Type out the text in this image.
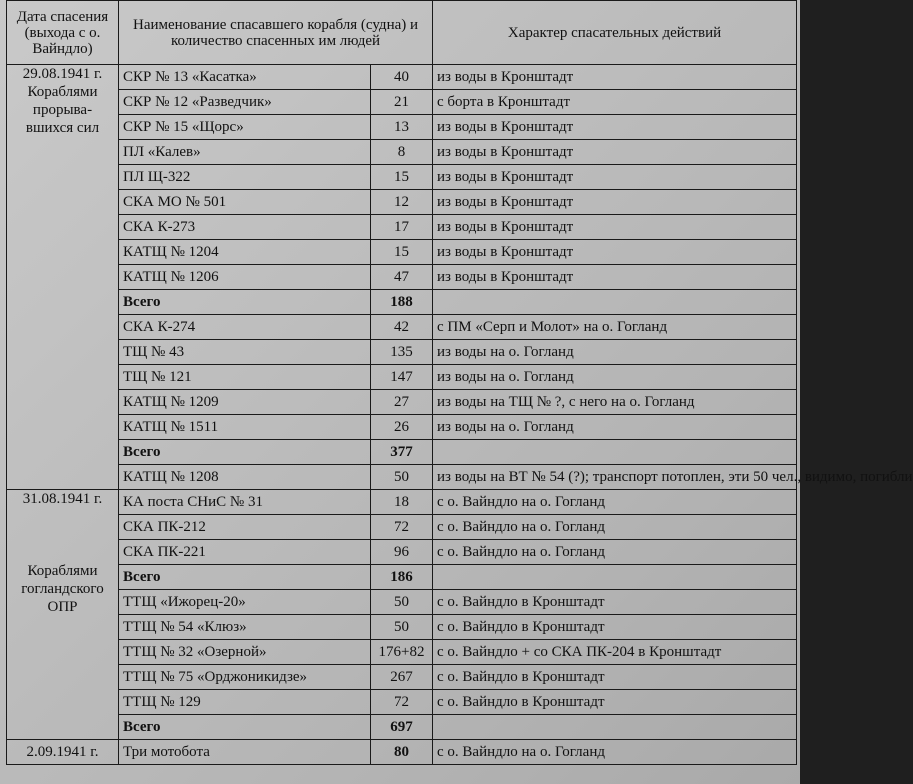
Дата спасения (выхода с о. Вайндло)	Наименование спасавшего корабля (судна) и количество спасенных им людей		Характер спасательных действий

29.08.1941 г.
Кораблями
прорыва-
вшихся сил	СКР № 13 «Касатка»	40	из воды в Кронштадт
	СКР № 12 «Разведчик»	21	с борта в Кронштадт
	СКР № 15 «Щорс»	13	из воды в Кронштадт
	ПЛ «Калев»	8	из воды в Кронштадт
	ПЛ Щ-322	15	из воды в Кронштадт
	СКА МО № 501	12	из воды в Кронштадт
	СКА К-273	17	из воды в Кронштадт
	КАТЩ № 1204	15	из воды в Кронштадт
	КАТЩ № 1206	47	из воды в Кронштадт
	Всего	188	
	СКА К-274	42	с ПМ «Серп и Молот» на о. Гогланд
	ТЩ № 43	135	из воды на о. Гогланд
	ТЩ № 121	147	из воды на о. Гогланд
	КАТЩ № 1209	27	из воды на ТЩ № ?, с него на о. Гогланд
	КАТЩ № 1511	26	из воды на о. Гогланд
	Всего	377	
	КАТЩ № 1208	50	из воды на ВТ № 54 (?); транспорт потоплен, эти 50 чел., видимо, погибли

31.08.1941 г.

Кораблями
гогландского
ОПР	КА поста СНиС № 31	18	с о. Вайндло на о. Гогланд
	СКА ПК-212	72	с о. Вайндло на о. Гогланд
	СКА ПК-221	96	с о. Вайндло на о. Гогланд
	Всего	186	
	ТТЩ «Ижорец-20»	50	с о. Вайндло в Кронштадт
	ТТЩ № 54 «Клюз»	50	с о. Вайндло в Кронштадт
	ТТЩ № 32 «Озерной»	176+82	с о. Вайндло + со СКА ПК-204 в Кронштадт
	ТТЩ № 75 «Орджоникидзе»	267	с о. Вайндло в Кронштадт
	ТТЩ № 129	72	с о. Вайндло в Кронштадт
	Всего	697	

2.09.1941 г.	Три мотобота	80	с о. Вайндло на о. Гогланд
